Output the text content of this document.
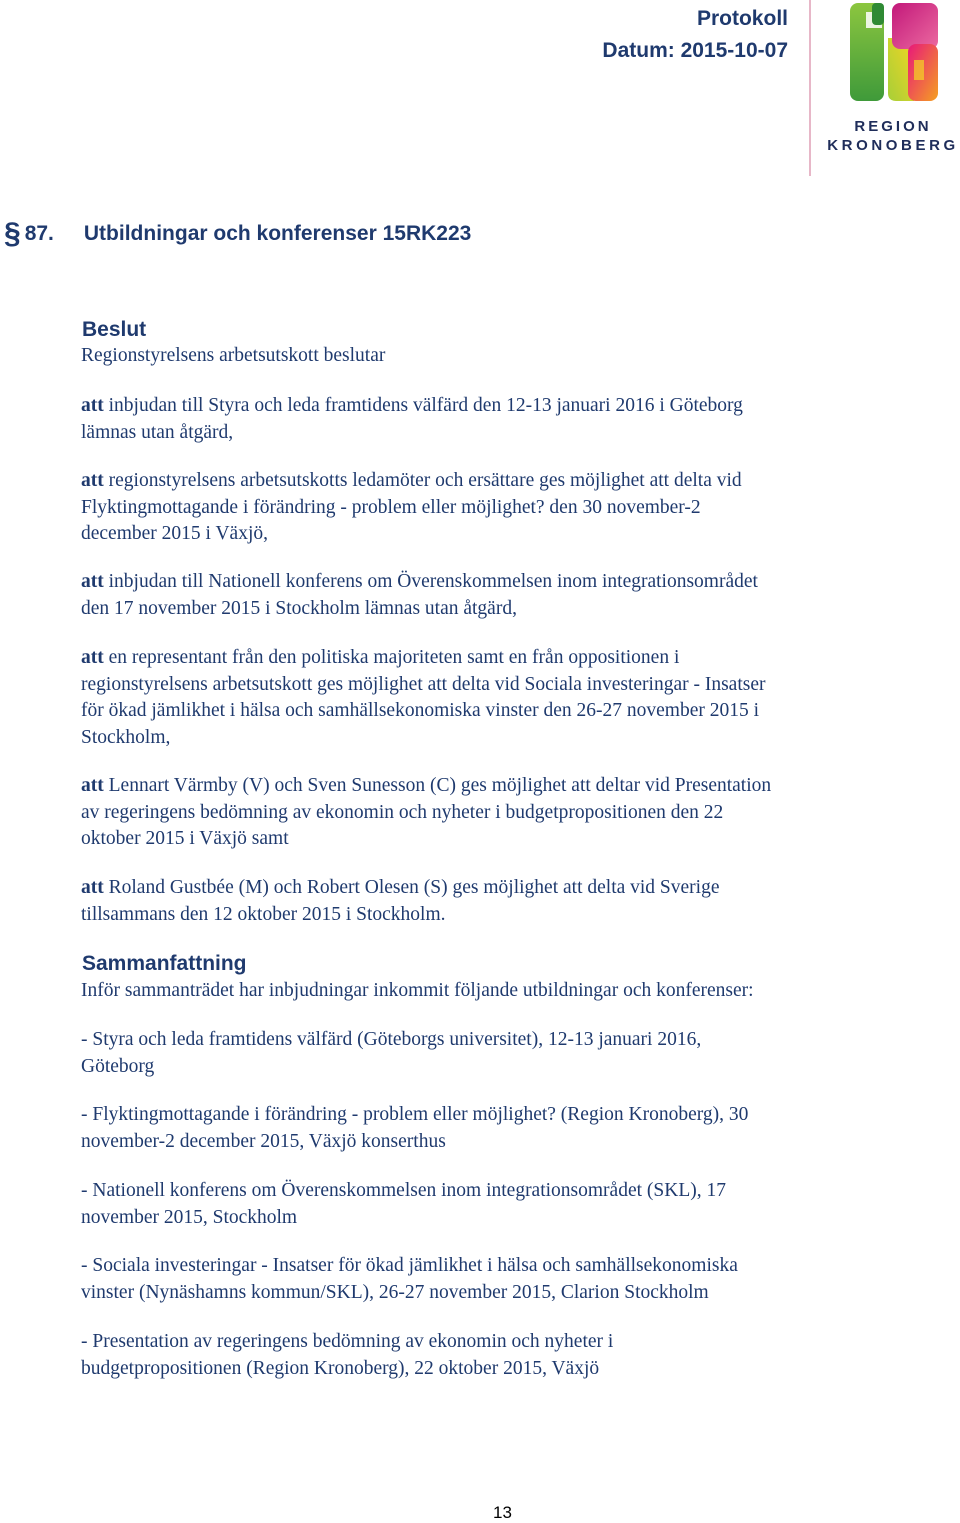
Protokoll
Datum: 2015-10-07
REGION
KRONOBERG
§ 87. Utbildningar och konferenser 15RK223
Beslut
Regionstyrelsens arbetsutskott beslutar
att inbjudan till Styra och leda framtidens välfärd den 12-13 januari 2016 i Göteborg
lämnas utan åtgärd,
att regionstyrelsens arbetsutskotts ledamöter och ersättare ges möjlighet att delta vid
Flyktingmottagande i förändring - problem eller möjlighet? den 30 november-2
december 2015 i Växjö,
att inbjudan till Nationell konferens om Överenskommelsen inom integrationsområdet
den 17 november 2015 i Stockholm lämnas utan åtgärd,
att en representant från den politiska majoriteten samt en från oppositionen i
regionstyrelsens arbetsutskott ges möjlighet att delta vid Sociala investeringar - Insatser
för ökad jämlikhet i hälsa och samhällsekonomiska vinster den 26-27 november 2015 i
Stockholm,
att Lennart Värmby (V) och Sven Sunesson (C) ges möjlighet att deltar vid Presentation
av regeringens bedömning av ekonomin och nyheter i budgetpropositionen den 22
oktober 2015 i Växjö samt
att Roland Gustbée (M) och Robert Olesen (S) ges möjlighet att delta vid Sverige
tillsammans den 12 oktober 2015 i Stockholm.
Sammanfattning
Inför sammanträdet har inbjudningar inkommit följande utbildningar och konferenser:
- Styra och leda framtidens välfärd (Göteborgs universitet), 12-13 januari 2016,
Göteborg
- Flyktingmottagande i förändring - problem eller möjlighet? (Region Kronoberg), 30
november-2 december 2015, Växjö konserthus
- Nationell konferens om Överenskommelsen inom integrationsområdet (SKL), 17
november 2015, Stockholm
- Sociala investeringar - Insatser för ökad jämlikhet i hälsa och samhällsekonomiska
vinster (Nynäshamns kommun/SKL), 26-27 november 2015, Clarion Stockholm
- Presentation av regeringens bedömning av ekonomin och nyheter i
budgetpropositionen (Region Kronoberg), 22 oktober 2015, Växjö
13
